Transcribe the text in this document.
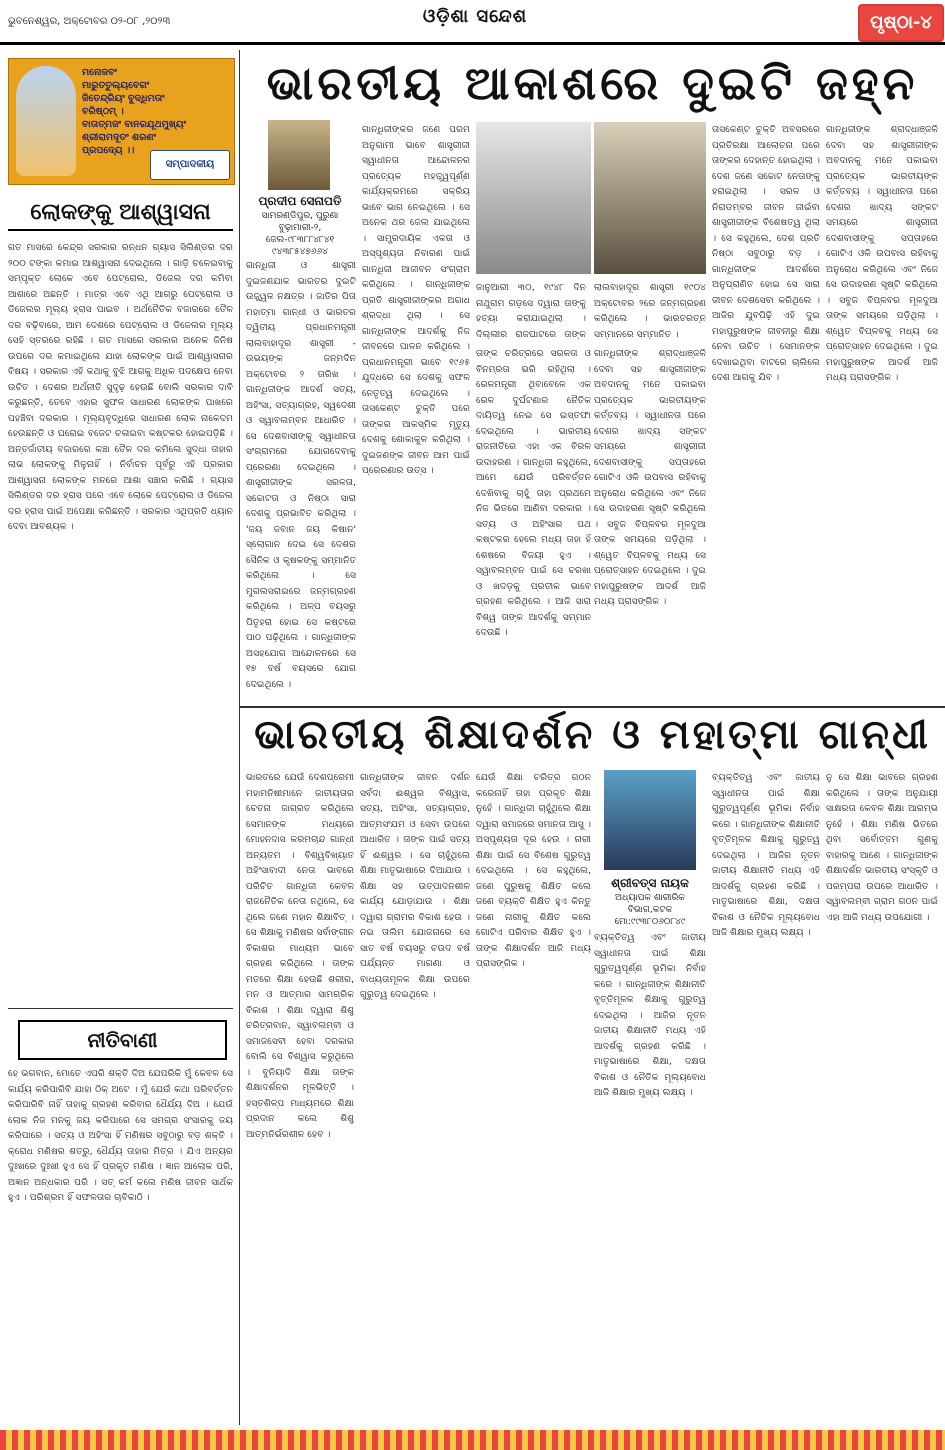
ଭୁବନେଶ୍ୱର, ଅକ୍ଟୋବର ୦୨-୦୮ ,୨୦୨୩	ଓଡ଼ିଶା ସନ୍ଦେଶ	ପୃଷ୍ଠା-୪
ମନୋଜବଂ
ମାରୁତତୁଲ୍ୟବେଗଂ
ଜିତେନ୍ଦ୍ରିୟଂ ବୁଦ୍ଧିମତାଂ
ବରିଷ୍ଠମ୍ ।
ବାତାତ୍ମଜଂ ବାନରଯୂଥମୁଖ୍ୟଂ
ଶ୍ରୀରାମଦୂତଂ ଶରଣଂ
ପ୍ରପଦ୍ୟେ ।।
ସମ୍ପାଦକୀୟ
ଲୋକଙ୍କୁ ଆଶ୍ୱାସନା
ଗତ ମାସରେ କେନ୍ଦ୍ର ସରକାର ରନ୍ଧନ ଗ୍ୟାସ ସିଲିଣ୍ଡର ଦର ୨୦୦ ଟଙ୍କା କମାଇ ଆଶ୍ୱାସନା ଦେଇଥିଲେ । ଗାଡ଼ି ଚଳେଇବାକୁ ସମ୍ପୃକ୍ତ ଲୋକେ ଏବେ ପେଟ୍ରୋଲ, ଡିଜେଲ ଦର କମିବା ଆଶାରେ ଅଛନ୍ତି । ମାତ୍ର ଏବେ ଏଥି ଆଗରୁ ପେଟ୍ରୋଲ ଓ ଡିଜେଲର ମୂଲ୍ୟ ହ୍ରାସ ପାଇବ । ଅର୍ଥନୈତିକ ବଜାରରେ ତୈଳ ଦର ବଢ଼ିବାରେ, ଆମ ଦେଶରେ ପେଟ୍ରୋଲ ଓ ଡିଜେଲର ମୂଲ୍ୟ ସେହି ସ୍ତରରେ ରହିଛି । ଗତ ମାସରେ ସରକାର ଅନେକ ଜିନିଷ ଉପରେ ଦର କମାଇଥିଲେ ଯାହା ଲୋକଙ୍କ ପାଇଁ ଆଶ୍ୱାସନାର ବିଷୟ । ସରକାର ଏହି କଥାକୁ ବୁଝି ଆଗକୁ ଅଧିକ ପଦକ୍ଷେପ ନେବା ଉଚିତ । ଦେଶର ଅର୍ଥନୀତି ସୁଦୃଢ଼ ହେଉଛି ବୋଲି ସରକାର ଦାବି କରୁଛନ୍ତି, ତେବେ ଏହାର ସୁଫଳ ସାଧାରଣ ଲୋକଙ୍କ ପାଖରେ ପହଞ୍ଚିବା ଦରକାର । ମୂଲ୍ୟବୃଦ୍ଧିରେ ସାଧାରଣ ଲୋକ ନାକେଦମ ହେଉଛନ୍ତି ଓ ଘରୋଇ ବଜେଟ ଚଳାଇବା କଷ୍ଟକର ହୋଇପଡ଼ିଛି । ଅନ୍ତର୍ଜାତୀୟ ବଜାରରେ କଞ୍ଚା ତୈଳ ଦର କମିଲେ ସୁଦ୍ଧା ତାହାର ଲାଭ ଲୋକଙ୍କୁ ମିଳୁନାହିଁ । ନିର୍ବାଚନ ପୂର୍ବରୁ ଏହି ପ୍ରକାର ଆଶ୍ୱାସନା ଲୋକଙ୍କ ମନରେ ଆଶା ସଞ୍ଚାର କରିଛି । ଗ୍ୟାସ ସିଲିଣ୍ଡର ଦର ହ୍ରାସ ପରେ ଏବେ ଲୋକେ ପେଟ୍ରୋଲ ଓ ଡିଜେଲ ଦର ହ୍ରାସ ପାଇଁ ଅପେକ୍ଷା କରିଛନ୍ତି । ସରକାର ଏଥିପ୍ରତି ଧ୍ୟାନ ଦେବା ଆବଶ୍ୟକ ।
ନୀତିବାଣୀ
ହେ ଭଗବାନ, ମୋତେ ଏପରି ଶକ୍ତି ଦିଅ ଯେପରିକି ମୁଁ କେବଳ ସେ କାର୍ଯ୍ୟ କରିପାରିବି ଯାହା ଠିକ୍ ଅଟେ । ମୁଁ ଯେଉଁ କଥା ପରିବର୍ତ୍ତନ କରିପାରିବି ନାହିଁ ତାହାକୁ ଗ୍ରହଣ କରିବାର ଧୈର୍ଯ୍ୟ ଦିଅ । ଯେଉଁ ଲୋକ ନିଜ ମନକୁ ଜୟ କରିପାରେ ସେ ସମଗ୍ର ସଂସାରକୁ ଜୟ କରିପାରେ । ସତ୍ୟ ଓ ଅହିଂସା ହିଁ ମଣିଷର ସବୁଠାରୁ ବଡ଼ ଶକ୍ତି । କ୍ରୋଧ ମଣିଷର ଶତ୍ରୁ, ଧୈର୍ଯ୍ୟ ତାହାର ମିତ୍ର । ଯିଏ ଅନ୍ୟର ଦୁଃଖରେ ଦୁଃଖୀ ହୁଏ ସେ ହିଁ ପ୍ରକୃତ ମଣିଷ । ଜ୍ଞାନ ଆଲୋକ ପରି, ଅଜ୍ଞାନ ଅନ୍ଧକାର ପରି । ସତ୍ କର୍ମ କଲେ ମଣିଷ ଜୀବନ ସାର୍ଥକ ହୁଏ । ପରିଶ୍ରମ ହିଁ ସଫଳତାର ଚାବିକାଠି ।
ଭାରତୀୟ ଆକାଶରେ ଦୁଇଟି ଜହ୍ନ
ପ୍ରଦୀପ ସେନାପତି
ସାମରଣ୍ଡିପୁର, ପୁରୁଣା ବୁଢ଼ାମାରୀ-୨, ଜେଲ-୯୮୩୮୮୪୮୪୧ ୯୪୩୮୫୪୭୬୬୪
ଗାନ୍ଧିଜୀ ଓ ଶାସ୍ତ୍ରୀ ଦୁଇଜଣଯାକ ଭାରତର ଦୁଇଟି ଉଜ୍ଜ୍ୱଳ ନକ୍ଷତ୍ର । ଜାତିର ପିତା ମହାତ୍ମା ଗାନ୍ଧୀ ଓ ଭାରତର ଦ୍ୱିତୀୟ ପ୍ରଧାନମନ୍ତ୍ରୀ ଲାଲବାହାଦୂର ଶାସ୍ତ୍ରୀ - ଉଭୟଙ୍କ ଜନ୍ମଦିନ ଅକ୍ଟୋବର ୨ ତାରିଖ । ଗାନ୍ଧିଜୀଙ୍କ ଆଦର୍ଶ ସତ୍ୟ, ଅହିଂସା, ସତ୍ୟାଗ୍ରହ, ସ୍ୱଦେଶୀ ଓ ସ୍ୱାବଲମ୍ବନ ଆଧାରିତ । ସେ ଦେଶବାସୀଙ୍କୁ ସ୍ୱାଧୀନତା ସଂଗ୍ରାମରେ ଯୋଗଦେବାକୁ ପ୍ରେରଣା ଦେଇଥିଲେ । ଶାସ୍ତ୍ରୀଜୀଙ୍କ ସରଳତା, ସଚ୍ଚୋଟତା ଓ ନିଷ୍ଠା ସାରା ଦେଶକୁ ପ୍ରଭାବିତ କରିଥିଲା । 'ଜୟ ଜବାନ ଜୟ କିଷାନ' ସ୍ଲୋଗାନ ଦେଇ ସେ ଦେଶର ସୈନିକ ଓ କୃଷକଙ୍କୁ ସମ୍ମାନିତ କରିଥିଲେ । ସେ ମୁଗଲସରାଇରେ ଜନ୍ମଗ୍ରହଣ କରିଥିଲେ । ଅଳ୍ପ ବୟସରୁ ପିତୃହରା ହୋଇ ସେ କଷ୍ଟରେ ପାଠ ପଢ଼ିଥିଲେ । ଗାନ୍ଧିଜୀଙ୍କ ଅସହଯୋଗ ଆନ୍ଦୋଳନରେ ସେ ୧୭ ବର୍ଷ ବୟସରେ ଯୋଗ ଦେଇଥିଲେ ।
ଗାନ୍ଧିଜୀଙ୍କର ଜଣେ ପରମ ଅନୁଗାମୀ ଭାବେ ଶାସ୍ତ୍ରୀଜୀ ସ୍ୱାଧୀନତା ଆନ୍ଦୋଳନର ପ୍ରତ୍ୟେକ ମହତ୍ତ୍ୱପୂର୍ଣ୍ଣ କାର୍ଯ୍ୟକ୍ରମରେ ସକ୍ରିୟ ଭାବେ ଭାଗ ନେଇଥିଲେ । ସେ ଅନେକ ଥର ଜେଲ ଯାଇଥିଲେ । ସାମ୍ପ୍ରଦାୟିକ ଏକତା ଓ ଅସ୍ପୃଶ୍ୟତା ନିବାରଣ ପାଇଁ ଗାନ୍ଧିଜୀ ଆଜୀବନ ସଂଗ୍ରାମ କରିଥିଲେ । ଗାନ୍ଧିଜୀଙ୍କ ପ୍ରତି ଶାସ୍ତ୍ରୀଜୀଙ୍କର ଅଗାଧ ଶ୍ରଦ୍ଧା ଥିଲା । ସେ ଗାନ୍ଧିଜୀଙ୍କ ଆଦର୍ଶକୁ ନିଜ ଜୀବନରେ ପାଳନ କରିଥିଲେ । ପ୍ରଧାନମନ୍ତ୍ରୀ ଭାବେ ୧୯୬୫ ଯୁଦ୍ଧରେ ସେ ଦେଶକୁ ସଫଳ ନେତୃତ୍ୱ ଦେଇଥିଲେ । ତାସକେଣ୍ଟ ଚୁକ୍ତି ପରେ ତାଙ୍କର ଆକସ୍ମିକ ମୃତ୍ୟୁ ଦେଶକୁ ଶୋକାକୁଳ କରିଥିଲା । ଦୁଇଜଣଙ୍କ ଜୀବନ ଆମ ପାଇଁ ପ୍ରେରଣାର ଉତ୍ସ ।
ଜାନୁଆରୀ ୩୦, ୧୯୪୮ ଦିନ ନାଥୁରାମ ଗଡ଼ସେ ଦ୍ୱାରା ତାଙ୍କୁ ହତ୍ୟା କରାଯାଇଥିଲା । ଦିଲ୍ଲୀର ରାଜଘାଟରେ ତାଙ୍କ
ଲାଲବାହାଦୂର ଶାସ୍ତ୍ରୀ ୧୯୦୪ ଅକ୍ଟୋବର ୨ରେ ଜନ୍ମଗ୍ରହଣ କରିଥିଲେ । ଭାରତରତ୍ନ ସମ୍ମାନରେ ସମ୍ମାନିତ ।
ତାଙ୍କ ଚରିତ୍ରରେ ସରଳତା ଓ ବିନମ୍ରତା ଭରି ରହିଥିଲା । ରେଳମନ୍ତ୍ରୀ ଥିବାବେଳେ ଏକ ରେଳ ଦୁର୍ଘଟଣାର ନୈତିକ ଦାୟିତ୍ୱ ନେଇ ସେ ଇସ୍ତଫା ଦେଇଥିଲେ । ଭାରତୀୟ ରାଜନୀତିରେ ଏହା ଏକ ବିରଳ ଉଦାହରଣ । ଗାନ୍ଧିଜୀ କହୁଥିଲେ, ଆମେ ଯେଉଁ ପରିବର୍ତ୍ତନ ଦେଖିବାକୁ ଚାହୁଁ ତାହା ପ୍ରଥମେ ନିଜ ଭିତରେ ଆଣିବା ଦରକାର । ସତ୍ୟ ଓ ଅହିଂସାର ପଥ କଷ୍ଟକର ହେଲେ ମଧ୍ୟ ତାହା ହିଁ ଶେଷରେ ବିଜୟୀ ହୁଏ । ସ୍ୱାବଲମ୍ବନ ପାଇଁ ସେ ଚରଖା ଓ ଖଦଡ଼କୁ ପ୍ରତୀକ ଭାବେ ଗ୍ରହଣ କରିଥିଲେ । ଆଜି ସାରା ବିଶ୍ୱ ତାଙ୍କ ଆଦର୍ଶକୁ ସମ୍ମାନ ଦେଉଛି ।
ଗାନ୍ଧିଜୀଙ୍କ ଶ୍ରାଦ୍ଧାଞ୍ଜଳି ଦେବା ସହ ଶାସ୍ତ୍ରୀଜୀଙ୍କ ଅବଦାନକୁ ମନେ ପକାଇବା ପ୍ରତ୍ୟେକ ଭାରତୀୟଙ୍କ କର୍ତ୍ତବ୍ୟ । ସ୍ୱାଧୀନତା ପରେ ଦେଶର ଖାଦ୍ୟ ସଙ୍କଟ ସମୟରେ ଶାସ୍ତ୍ରୀଜୀ ଦେଶବାସୀଙ୍କୁ ସପ୍ତାହରେ ଗୋଟିଏ ଓଳି ଉପବାସ ରହିବାକୁ ଅନୁରୋଧ କରିଥିଲେ ଏବଂ ନିଜେ ସେ ଉଦାହରଣ ସୃଷ୍ଟି କରିଥିଲେ । ସବୁଜ ବିପ୍ଳବର ମୂଳଦୁଆ ତାଙ୍କ ସମୟରେ ପଡ଼ିଥିଲା । ଶ୍ୱେତ ବିପ୍ଳବକୁ ମଧ୍ୟ ସେ ପ୍ରୋତ୍ସାହନ ଦେଇଥିଲେ । ଦୁଇ ମହାପୁରୁଷଙ୍କ ଆଦର୍ଶ ଆଜି ମଧ୍ୟ ପ୍ରାସଙ୍ଗିକ ।
ତାସକେଣ୍ଟ ଚୁକ୍ତି ଅବସରରେ ପ୍ରତିରକ୍ଷା ଆଲୋଚନା ପରେ ତାଙ୍କର ଦେହାନ୍ତ ହୋଇଥିଲା । ଦେଶ ଜଣେ ସଚ୍ଚୋଟ ନେତାଙ୍କୁ ହରାଇଥିଲା । ସରଳ ଓ ନିରାଡମ୍ବର ଜୀବନ ଜୀଇଁବା ଶାସ୍ତ୍ରୀଜୀଙ୍କ ବିଶେଷତ୍ୱ ଥିଲା । ସେ କହୁଥିଲେ, ଦେଶ ପ୍ରତି ନିଷ୍ଠା ସବୁଠାରୁ ବଡ଼ । ଗାନ୍ଧିଜୀଙ୍କ ଆଦର୍ଶରେ ଅନୁପ୍ରାଣିତ ହୋଇ ସେ ସାରା ଜୀବନ ଦେଶସେବା କରିଥିଲେ । ଆଜିର ଯୁବପିଢ଼ି ଏହି ଦୁଇ ମହାପୁରୁଷଙ୍କ ଜୀବନୀରୁ ଶିକ୍ଷା ନେବା ଉଚିତ । ସେମାନଙ୍କ ଦେଖାଇଥିବା ବାଟରେ ଚାଲିଲେ ଦେଶ ଆଗକୁ ଯିବ ।
ଗାନ୍ଧିଜୀଙ୍କ ଶ୍ରାଦ୍ଧାଞ୍ଜଳି ଦେବା ସହ ଶାସ୍ତ୍ରୀଜୀଙ୍କ ଅବଦାନକୁ ମନେ ପକାଇବା ପ୍ରତ୍ୟେକ ଭାରତୀୟଙ୍କ କର୍ତ୍ତବ୍ୟ । ସ୍ୱାଧୀନତା ପରେ ଦେଶର ଖାଦ୍ୟ ସଙ୍କଟ ସମୟରେ ଶାସ୍ତ୍ରୀଜୀ ଦେଶବାସୀଙ୍କୁ ସପ୍ତାହରେ ଗୋଟିଏ ଓଳି ଉପବାସ ରହିବାକୁ ଅନୁରୋଧ କରିଥିଲେ ଏବଂ ନିଜେ ସେ ଉଦାହରଣ ସୃଷ୍ଟି କରିଥିଲେ । ସବୁଜ ବିପ୍ଳବର ମୂଳଦୁଆ ତାଙ୍କ ସମୟରେ ପଡ଼ିଥିଲା । ଶ୍ୱେତ ବିପ୍ଳବକୁ ମଧ୍ୟ ସେ ପ୍ରୋତ୍ସାହନ ଦେଇଥିଲେ । ଦୁଇ ମହାପୁରୁଷଙ୍କ ଆଦର୍ଶ ଆଜି ମଧ୍ୟ ପ୍ରାସଙ୍ଗିକ ।
ଭାରତୀୟ ଶିକ୍ଷାଦର୍ଶନ ଓ ମହାତ୍ମା ଗାନ୍ଧୀ
ଭାରତରେ ଯେଉଁ ଦେଶପ୍ରେମୀ ମହାମନିଷୀମାନେ ଜାତୀୟତାର ଚେତନା ଜାଗ୍ରତ କରିଥିଲେ ସେମାନଙ୍କ ମଧ୍ୟରେ ମୋହନଦାସ କରମଚାନ୍ଦ ଗାନ୍ଧୀ ଅନ୍ୟତମ । ବିଶ୍ୱବିଖ୍ୟାତ ଅହିଂସାବାଦୀ ନେତା ଭାବରେ ପରିଚିତ ଗାନ୍ଧିଜୀ କେବଳ ରାଜନୈତିକ ନେତା ନଥିଲେ, ସେ ଥିଲେ ଜଣେ ମହାନ ଶିକ୍ଷାବିତ୍ । ସେ ଶିକ୍ଷାକୁ ମଣିଷର ସର୍ବାଙ୍ଗୀନ ବିକାଶର ମାଧ୍ୟମ ଭାବେ ଗ୍ରହଣ କରିଥିଲେ । ତାଙ୍କ ମତରେ ଶିକ୍ଷା ହେଉଛି ଶରୀର, ମନ ଓ ଆତ୍ମାର ସାମଗ୍ରିକ ବିକାଶ । ଶିକ୍ଷା ଦ୍ୱାରା ଶିଶୁ ଚରିତ୍ରବାନ, ସ୍ୱାବଲମ୍ବୀ ଓ ସମାଜସେବୀ ହେବା ଦରକାର ବୋଲି ସେ ବିଶ୍ୱାସ କରୁଥିଲେ । ବୁନିୟାଦି ଶିକ୍ଷା ତାଙ୍କ ଶିକ୍ଷାଦର୍ଶନର ମୂଳଭିତ୍ତି । ହସ୍ତଶିଳ୍ପ ମାଧ୍ୟମରେ ଶିକ୍ଷା ପ୍ରଦାନ କଲେ ଶିଶୁ ଆତ୍ମନିର୍ଭରଶୀଳ ହେବ ।
ଗାନ୍ଧିଜୀଙ୍କ ଜୀବନ ଦର୍ଶନ ସର୍ବଦା ଈଶ୍ୱର ବିଶ୍ୱାସ, ସତ୍ୟ, ଅହିଂସା, ସତ୍ୟାଗ୍ରହ, ଆତ୍ମସଂଯମ ଓ ସେବା ଉପରେ ଆଧାରିତ । ତାଙ୍କ ପାଇଁ ସତ୍ୟ ହିଁ ଈଶ୍ୱର । ସେ ଚାହୁଁଥିଲେ ଶିକ୍ଷା ମାତୃଭାଷାରେ ଦିଆଯାଉ । ଶିକ୍ଷା ସହ ଉତ୍ପାଦନଶୀଳ କାର୍ଯ୍ୟ ଯୋଡ଼ାଯାଉ । ଶିକ୍ଷା ଦ୍ୱାରା ଗ୍ରାମର ବିକାଶ ହେଉ । ନଇ ତାଲିମ ଯୋଜନାରେ ସେ ସାତ ବର୍ଷ ବୟସରୁ ଚଉଦ ବର୍ଷ ପର୍ଯ୍ୟନ୍ତ ମାଗଣା ଓ ବାଧ୍ୟତାମୂଳକ ଶିକ୍ଷା ଉପରେ ଗୁରୁତ୍ୱ ଦେଇଥିଲେ ।
ଯେଉଁ ଶିକ୍ଷା ଚରିତ୍ର ଗଠନ କରେନାହିଁ ତାହା ପ୍ରକୃତ ଶିକ୍ଷା ନୁହେଁ । ଗାନ୍ଧିଜୀ ଚାହୁଁଥିଲେ ଶିକ୍ଷା ଦ୍ୱାରା ସମାଜରେ ସମାନତା ଆସୁ । ଅସ୍ପୃଶ୍ୟତା ଦୂର ହେଉ । ନାରୀ ଶିକ୍ଷା ପାଇଁ ସେ ବିଶେଷ ଗୁରୁତ୍ୱ ଦେଇଥିଲେ । ସେ କହୁଥିଲେ, ଜଣେ ପୁରୁଷକୁ ଶିକ୍ଷିତ କଲେ ଜଣେ ବ୍ୟକ୍ତି ଶିକ୍ଷିତ ହୁଏ କିନ୍ତୁ ଜଣେ ନାରୀକୁ ଶିକ୍ଷିତ କଲେ ଗୋଟିଏ ପରିବାର ଶିକ୍ଷିତ ହୁଏ । ତାଙ୍କ ଶିକ୍ଷାଦର୍ଶନ ଆଜି ମଧ୍ୟ ପ୍ରାସଙ୍ଗିକ ।
ଶ୍ରୀବତ୍ସ ନାୟକ
ଅଧ୍ୟାପକ ଶାରୀରିକ ବିଭାଗ,କଟକ ମୋ:୯୯୩୮୦୬୦୮୪୯
ବ୍ୟକ୍ତିତ୍ୱ ଏବଂ ଜାତୀୟ ସ୍ୱାଧୀନତା ପାଇଁ ଶିକ୍ଷା ଗୁରୁତ୍ୱପୂର୍ଣ୍ଣ ଭୂମିକା ନିର୍ବାହ କରେ । ଗାନ୍ଧିଜୀଙ୍କ ଶିକ୍ଷାନୀତି ବୃତ୍ତିମୂଳକ ଶିକ୍ଷାକୁ ଗୁରୁତ୍ୱ ଦେଇଥିଲା । ଆଜିର ନୂତନ ଜାତୀୟ ଶିକ୍ଷାନୀତି ମଧ୍ୟ ଏହି ଆଦର୍ଶକୁ ଗ୍ରହଣ କରିଛି । ମାତୃଭାଷାରେ ଶିକ୍ଷା, ଦକ୍ଷତା ବିକାଶ ଓ ନୈତିକ ମୂଲ୍ୟବୋଧ ଆଜି ଶିକ୍ଷାର ମୁଖ୍ୟ ଲକ୍ଷ୍ୟ ।
ବ୍ୟକ୍ତିତ୍ୱ ଏବଂ ଜାତୀୟ ସ୍ୱାଧୀନତା ପାଇଁ ଶିକ୍ଷା ଗୁରୁତ୍ୱପୂର୍ଣ୍ଣ ଭୂମିକା ନିର୍ବାହ କରେ । ଗାନ୍ଧିଜୀଙ୍କ ଶିକ୍ଷାନୀତି ବୃତ୍ତିମୂଳକ ଶିକ୍ଷାକୁ ଗୁରୁତ୍ୱ ଦେଇଥିଲା । ଆଜିର ନୂତନ ଜାତୀୟ ଶିକ୍ଷାନୀତି ମଧ୍ୟ ଏହି ଆଦର୍ଶକୁ ଗ୍ରହଣ କରିଛି । ମାତୃଭାଷାରେ ଶିକ୍ଷା, ଦକ୍ଷତା ବିକାଶ ଓ ନୈତିକ ମୂଲ୍ୟବୋଧ ଆଜି ଶିକ୍ଷାର ମୁଖ୍ୟ ଲକ୍ଷ୍ୟ ।
ନୁ ସେ ଶିକ୍ଷା ଭାବରେ ଗ୍ରହଣ କରିଥିଲେ । ତାଙ୍କ ଅନୁଯାୟୀ ସାକ୍ଷରତା କେବଳ ଶିକ୍ଷା ଆରମ୍ଭ ନୁହେଁ । ଶିକ୍ଷା ମଣିଷ ଭିତରେ ଥିବା ସର୍ବୋତ୍ତମ ଗୁଣକୁ ବାହାରକୁ ଆଣେ । ଗାନ୍ଧିଜୀଙ୍କ ଶିକ୍ଷାଦର୍ଶନ ଭାରତୀୟ ସଂସ୍କୃତି ଓ ପରମ୍ପରା ଉପରେ ଆଧାରିତ । ସ୍ୱାବଲମ୍ବୀ ଗ୍ରାମ ଗଠନ ପାଇଁ ଏହା ଆଜି ମଧ୍ୟ ଉପଯୋଗୀ ।
